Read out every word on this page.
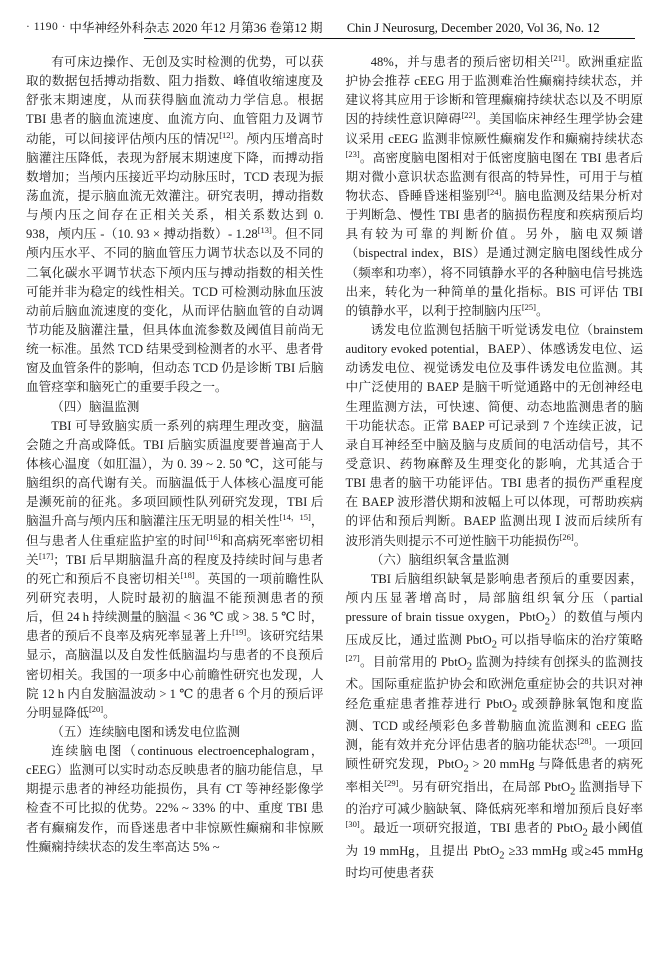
· 1190 · 中华神经外科杂志 2020 年12 月第36 卷第12 期 Chin J Neurosurg, December 2020, Vol 36, No. 12

有可床边操作、无创及实时检测的优势，可以获取的数据包括搏动指数、阻力指数、峰值收缩速度及舒张末期速度，从而获得脑血流动力学信息。根据 TBI 患者的脑血流速度、血流方向、血管阻力及调节动能，可以间接评估颅内压的情况[12]。颅内压增高时脑灌注压降低，表现为舒展末期速度下降，而搏动指数增加；当颅内压接近平均动脉压时，TCD 表现为振荡血流，提示脑血流无效灌注。研究表明，搏动指数与颅内压之间存在正相关关系，相关系数达到 0. 938，颅内压 -（10. 93 × 搏动指数）- 1.28[13]。但不同颅内压水平、不同的脑血管压力调节状态以及不同的二氧化碳水平调节状态下颅内压与搏动指数的相关性可能并非为稳定的线性相关。TCD 可检测动脉血压波动前后脑血流速度的变化，从而评估脑血管的自动调节功能及脑灌注量，但具体血流参数及阈值目前尚无统一标准。虽然 TCD 结果受到检测者的水平、患者骨窗及血管条件的影响，但动态 TCD 仍是诊断 TBI 后脑血管痉挛和脑死亡的重要手段之一。

（四）脑温监测

TBI 可导致脑实质一系列的病理生理改变，脑温会随之升高或降低。TBI 后脑实质温度要普遍高于人体核心温度（如肛温），为 0. 39 ~ 2. 50 ℃，这可能与脑组织的高代谢有关。而脑温低于人体核心温度可能是濒死前的征兆。多项回顾性队列研究发现，TBI 后脑温升高与颅内压和脑灌注压无明显的相关性[14，15]，但与患者人住重症监护室的时间[16]和高病死率密切相关[17]；TBI 后早期脑温升高的程度及持续时间与患者的死亡和预后不良密切相关[18]。英国的一项前瞻性队列研究表明，人院时最初的脑温不能预测患者的预后，但 24 h 持续测量的脑温 < 36 ℃ 或 > 38. 5 ℃ 时，患者的预后不良率及病死率显著上升[19]。该研究结果显示，高脑温以及自发性低脑温均与患者的不良预后密切相关。我国的一项多中心前瞻性研究也发现，人院 12 h 内自发脑温波动 > 1 ℃ 的患者 6 个月的预后评分明显降低[20]。

（五）连续脑电图和诱发电位监测

连续脑电图（continuous electroencephalogram，cEEG）监测可以实时动态反映患者的脑功能信息，早期提示患者的神经功能损伤，具有 CT 等神经影像学检查不可比拟的优势。22% ~ 33% 的中、重度 TBI 患者有癫痫发作，而昏迷患者中非惊厥性癫痫和非惊厥性癫痫持续状态的发生率高达 5% ~

48%，并与患者的预后密切相关[21]。欧洲重症监护协会推荐 cEEG 用于监测难治性癫痫持续状态，并建议将其应用于诊断和管理癫痫持续状态以及不明原因的持续性意识障碍[22]。美国临床神经生理学协会建议采用 cEEG 监测非惊厥性癫痫发作和癫痫持续状态[23]。高密度脑电图相对于低密度脑电图在 TBI 患者后期对微小意识状态监测有很高的特异性，可用于与植物状态、昏睡昏迷相鉴别[24]。脑电监测及结果分析对于判断急、慢性 TBI 患者的脑损伤程度和疾病预后均具有较为可靠的判断价值。另外，脑电双频谱（bispectral index，BIS）是通过测定脑电图线性成分（频率和功率），将不同镇静水平的各种脑电信号挑选出来，转化为一种简单的量化指标。BIS 可评估 TBI 的镇静水平，以利于控制脑内压[25]。

诱发电位监测包括脑干听觉诱发电位（brainstem auditory evoked potential，BAEP）、体感诱发电位、运动诱发电位、视觉诱发电位及事件诱发电位监测。其中广泛使用的 BAEP 是脑干听觉通路中的无创神经电生理监测方法，可快速、简便、动态地监测患者的脑干功能状态。正常 BAEP 可记录到 7 个连续正波，记录自耳神经至中脑及脑与皮质间的电活动信号，其不受意识、药物麻醉及生理变化的影响，尤其适合于 TBI 患者的脑干功能评估。TBI 患者的损伤严重程度在 BAEP 波形潜伏期和波幅上可以体现，可帮助疾病的评估和预后判断。BAEP 监测出现 Ⅰ 波而后续所有波形消失则提示不可逆性脑干功能损伤[26]。

（六）脑组织氧含量监测

TBI 后脑组织缺氧是影响患者预后的重要因素，颅内压显著增高时，局部脑组织氧分压（partial pressure of brain tissue oxygen，PbtO$_2$）的数值与颅内压成反比，通过监测 PbtO$_2$ 可以指导临床的治疗策略[27]。目前常用的 PbtO$_2$ 监测为持续有创探头的监测技术。国际重症监护协会和欧洲危重症协会的共识对神经危重症患者推荐进行 PbtO$_2$ 或颈静脉氧饱和度监测、TCD 或经颅彩色多普勒脑血流监测和 cEEG 监测，能有效并充分评估患者的脑功能状态[28]。一项回顾性研究发现，PbtO$_2$ > 20 mmHg 与降低患者的病死率相关[29]。另有研究指出，在局部 PbtO$_2$ 监测指导下的治疗可减少脑缺氧、降低病死率和增加预后良好率[30]。最近一项研究报道，TBI 患者的 PbtO$_2$ 最小阈值为 19 mmHg，且提出 PbtO$_2$ ≥33 mmHg 或≥45 mmHg 时均可使患者获
